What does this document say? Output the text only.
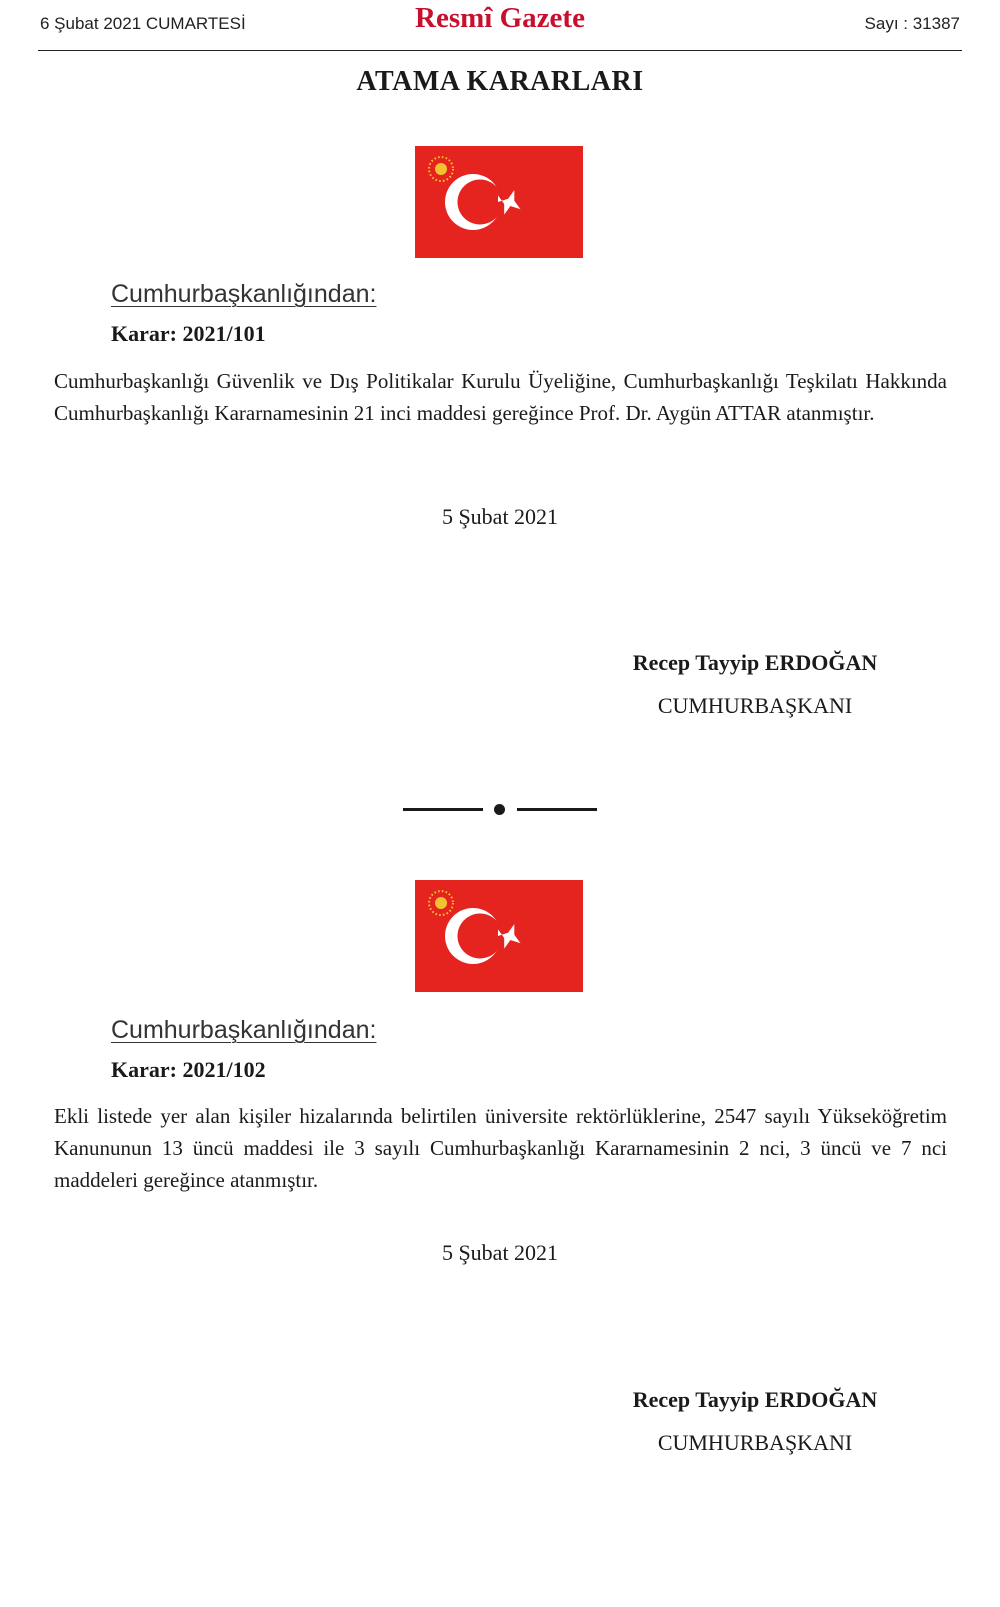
6 Şubat 2021 CUMARTESİ	Resmî Gazete	Sayı : 31387
ATAMA KARARLARI
Cumhurbaşkanlığından:
Karar: 2021/101
Cumhurbaşkanlığı Güvenlik ve Dış Politikalar Kurulu Üyeliğine, Cumhurbaşkanlığı Teşkilatı Hakkında Cumhurbaşkanlığı Kararnamesinin 21 inci maddesi gereğince Prof. Dr. Aygün ATTAR atanmıştır.
5 Şubat 2021
Recep Tayyip ERDOĞAN
CUMHURBAŞKANI
Cumhurbaşkanlığından:
Karar: 2021/102
Ekli listede yer alan kişiler hizalarında belirtilen üniversite rektörlüklerine, 2547 sayılı Yükseköğretim Kanununun 13 üncü maddesi ile 3 sayılı Cumhurbaşkanlığı Kararnamesinin 2 nci, 3 üncü ve 7 nci maddeleri gereğince atanmıştır.
5 Şubat 2021
Recep Tayyip ERDOĞAN
CUMHURBAŞKANI
